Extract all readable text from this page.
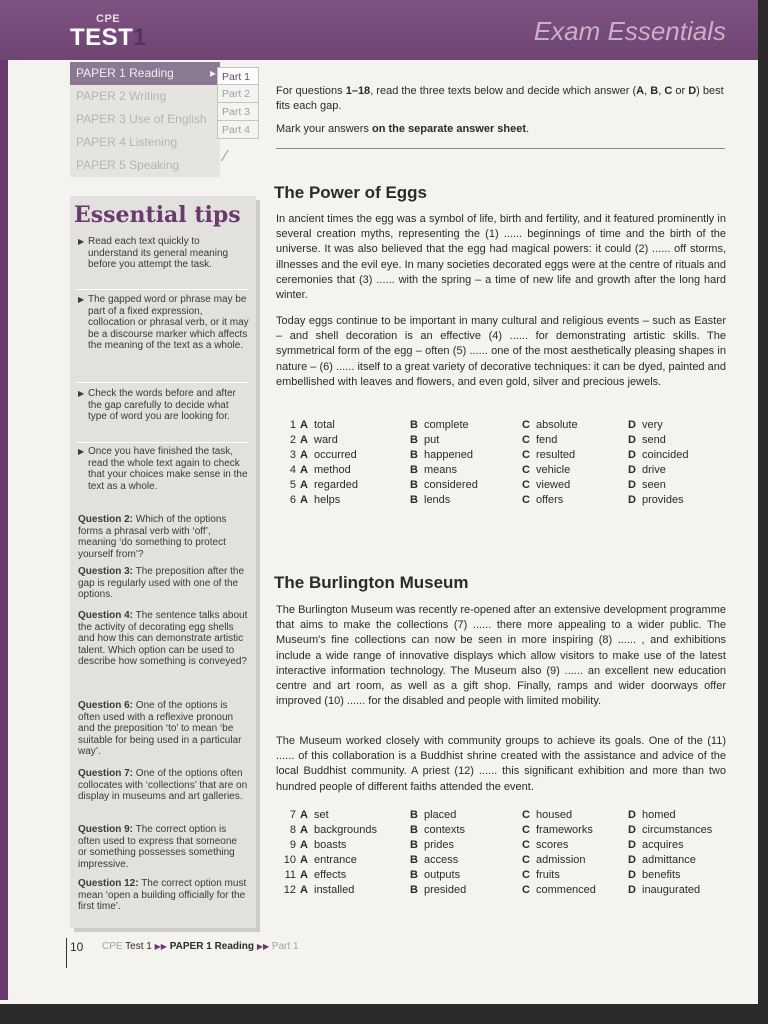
CPE
TEST 1	Exam Essentials
PAPER 1 Reading	▸
PAPER 2 Writing
PAPER 3 Use of English
PAPER 4 Listening
PAPER 5 Speaking
Part 1
Part 2
Part 3
Part 4
⁄
Essential tips
▶ Read each text quickly to understand its general meaning before you attempt the task.
▶ The gapped word or phrase may be part of a fixed expression, collocation or phrasal verb, or it may be a discourse marker which affects the meaning of the text as a whole.
▶ Check the words before and after the gap carefully to decide what type of word you are looking for.
▶ Once you have finished the task, read the whole text again to check that your choices make sense in the text as a whole.
Question 2: Which of the options forms a phrasal verb with ‘off’, meaning ‘do something to protect yourself from’?
Question 3: The preposition after the gap is regularly used with one of the options.
Question 4: The sentence talks about the activity of decorating egg shells and how this can demonstrate artistic talent. Which option can be used to describe how something is conveyed?
Question 6: One of the options is often used with a reflexive pronoun and the preposition ‘to’ to mean ‘be suitable for being used in a particular way’.
Question 7: One of the options often collocates with ‘collections’ that are on display in museums and art galleries.
Question 9: The correct option is often used to express that someone or something possesses something impressive.
Question 12: The correct option must mean ‘open a building officially for the first time’.

For questions 1–18, read the three texts below and decide which answer (A, B, C or D) best fits each gap.

Mark your answers on the separate answer sheet.

The Power of Eggs
In ancient times the egg was a symbol of life, birth and fertility, and it featured prominently in several creation myths, representing the (1) ...... beginnings of time and the birth of the universe. It was also believed that the egg had magical powers: it could (2) ...... off storms, illnesses and the evil eye. In many societies decorated eggs were at the centre of rituals and ceremonies that (3) ...... with the spring – a time of new life and growth after the long hard winter.
Today eggs continue to be important in many cultural and religious events – such as Easter – and shell decoration is an effective (4) ...... for demonstrating artistic skills. The symmetrical form of the egg – often (5) ...... one of the most aesthetically pleasing shapes in nature – (6) ...... itself to a great variety of decorative techniques: it can be dyed, painted and embellished with leaves and flowers, and even gold, silver and precious jewels.
1 A total	B complete	C absolute	D very
2 A ward	B put	C fend	D send
3 A occurred	B happened	C resulted	D coincided
4 A method	B means	C vehicle	D drive
5 A regarded	B considered	C viewed	D seen
6 A helps	B lends	C offers	D provides
The Burlington Museum
The Burlington Museum was recently re-opened after an extensive development programme that aims to make the collections (7) ...... there more appealing to a wider public. The Museum's fine collections can now be seen in more inspiring (8) ...... , and exhibitions include a wide range of innovative displays which allow visitors to make use of the latest interactive information technology. The Museum also (9) ...... an excellent new education centre and art room, as well as a gift shop. Finally, ramps and wider doorways offer improved (10) ...... for the disabled and people with limited mobility.
The Museum worked closely with community groups to achieve its goals. One of the (11) ...... of this collaboration is a Buddhist shrine created with the assistance and advice of the local Buddhist community. A priest (12) ...... this significant exhibition and more than two hundred people of different faiths attended the event.
7 A set	B placed	C housed	D homed
8 A backgrounds	B contexts	C frameworks	D circumstances
9 A boasts	B prides	C scores	D acquires
10 A entrance	B access	C admission	D admittance
11 A effects	B outputs	C fruits	D benefits
12 A installed	B presided	C commenced	D inaugurated
10 CPE Test 1 ▶▶ PAPER 1 Reading ▶▶ Part 1
